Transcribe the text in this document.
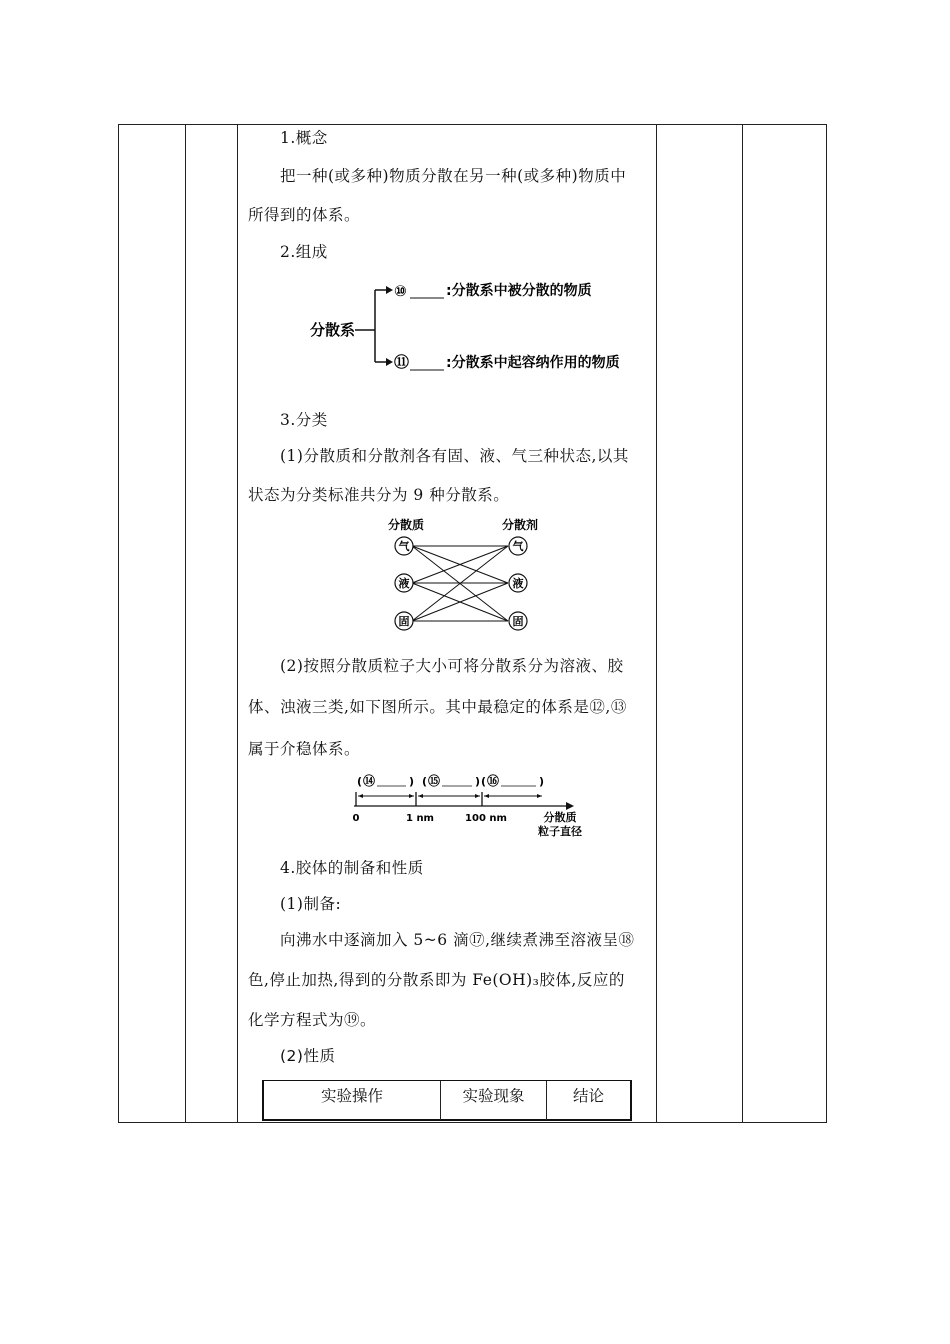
1.概念
把一种(或多种)物质分散在另一种(或多种)物质中
所得到的体系。
2.组成
分散系
⑩	:分散系中被分散的物质
⑪	:分散系中起容纳作用的物质
3.分类
(1)分散质和分散剂各有固、液、气三种状态,以其
状态为分类标准共分为 9 种分散系。
分散质	分散剂
气
液
固
气
液
固
(2)按照分散质粒子大小可将分散系分为溶液、胶
体、浊液三类,如下图所示。其中最稳定的体系是⑫,⑬
属于介稳体系。
( ⑭	) ( ⑮	) ( ⑯	)
0	1 nm	100 nm	分散质
粒子直径
4.胶体的制备和性质
(1)制备:
向沸水中逐滴加入 5~6 滴⑰,继续煮沸至溶液呈⑱
色,停止加热,得到的分散系即为 Fe(OH)₃胶体,反应的
化学方程式为⑲。
(2)性质
实验操作	实验现象	结论
